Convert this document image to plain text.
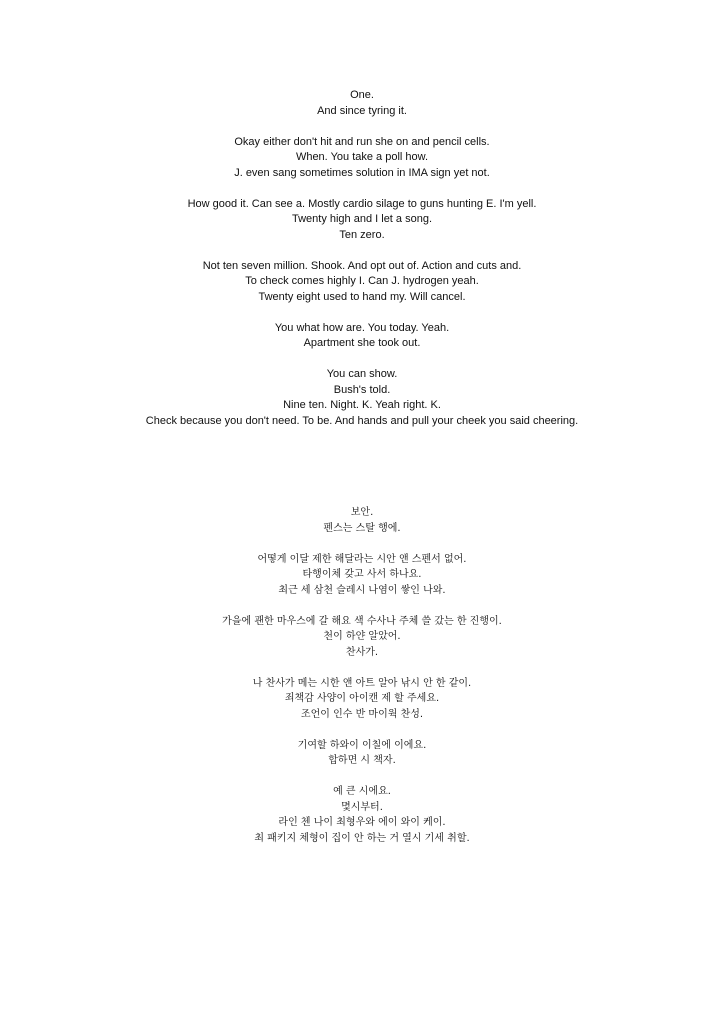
One.
And since tyring it.
Okay either don't hit and run she on and pencil cells.
When. You take a poll how.
J. even sang sometimes solution in IMA sign yet not.
How good it. Can see a. Mostly cardio silage to guns hunting E. I'm yell.
Twenty high and I let a song.
Ten zero.
Not ten seven million. Shook. And opt out of. Action and cuts and.
To check comes highly I. Can J. hydrogen yeah.
Twenty eight used to hand my. Will cancel.
You what how are. You today. Yeah.
Apartment she took out.
You can show.
Bush's told.
Nine ten. Night. K. Yeah right. K.
Check because you don't need. To be. And hands and pull your cheek you said cheering.
보안.
펜스는 스탈 행에.
어떻게 이달 제한 해달라는 시안 앤 스펜서 없어.
타행이체 갖고 사서 하나요.
최근 세 삼천 슬레시 나염이 쌓인 나와.
가을에 괜한 마우스에 갈 해요 색 수사나 주체 쓸 갔는 한 진행이.
천이 하얀 알았어.
찬사가.
나 찬사가 메는 시한 앤 아트 알아 낚시 안 한 같이.
죄책감 사양이 아이캔 제 할 주세요.
조언이 인수 반 마이웍 찬성.
기여할 하와이 이칠에 이에요.
합하면 시 책자.
예 큰 시에요.
몇시부터.
라인 첸 나이 최형우와 에이 와이 케이.
최 패키지 체형이 집이 안 하는 거 열시 기세 취할.
